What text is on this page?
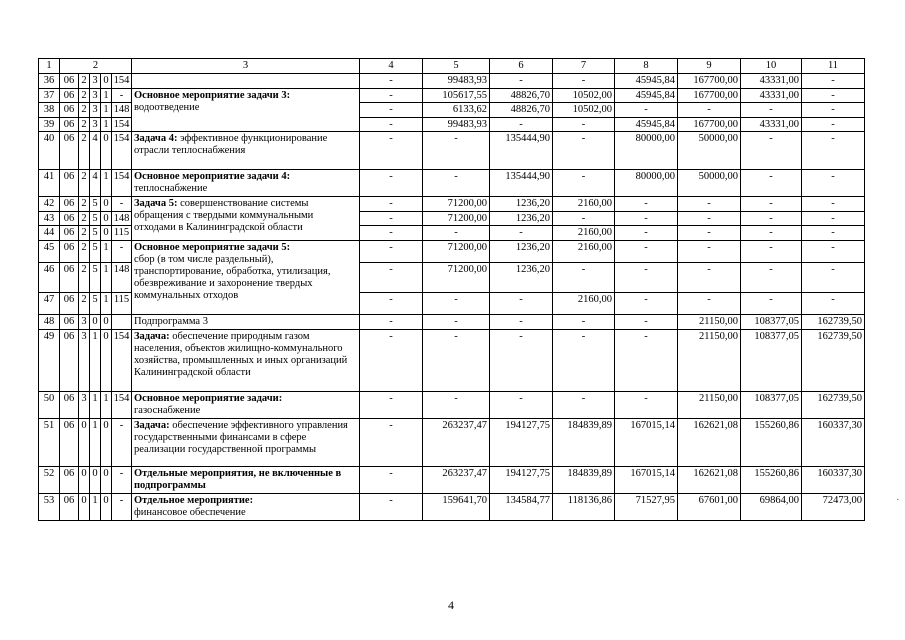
1	2					3	4	5	6	7	8	9	10	11
36	06	2	3	0	154		-	99483,93	-	-	45945,84	167700,00	43331,00	-
37	06	2	3	1	-	Основное мероприятие задачи 3:
водоотведение	-	105617,55	48826,70	10502,00	45945,84	167700,00	43331,00	-
38	06	2	3	1	148		-	6133,62	48826,70	10502,00	-	-	-	-
39	06	2	3	1	154		-	99483,93	-	-	45945,84	167700,00	43331,00	-
40	06	2	4	0	154	Задача 4: эффективное функционирование отрасли теплоснабжения	-	-	135444,90	-	80000,00	50000,00	-	-
41	06	2	4	1	154	Основное мероприятие задачи 4:
теплоснабжение	-	-	135444,90	-	80000,00	50000,00	-	-
42	06	2	5	0	-	Задача 5: совершенствование системы обращения с твердыми коммунальными отходами в Калининградской области	-	71200,00	1236,20	2160,00	-	-	-	-
43	06	2	5	0	148		-	71200,00	1236,20	-	-	-	-	-
44	06	2	5	0	115		-	-	-	2160,00	-	-	-	-
45	06	2	5	1	-	Основное мероприятие задачи 5:
сбор (в том числе раздельный), транспортирование, обработка, утилизация, обезвреживание и захоронение твердых коммунальных отходов	-	71200,00	1236,20	2160,00	-	-	-	-
46	06	2	5	1	148		-	71200,00	1236,20	-	-	-	-	-
47	06	2	5	1	115		-	-	-	2160,00	-	-	-	-
48	06	3	0	0		Подпрограмма 3	-	-	-	-	-	21150,00	108377,05	162739,50
49	06	3	1	0	154	Задача: обеспечение природным газом населения, объектов жилищно-коммунального хозяйства, промышленных и иных организаций Калининградской области	-	-	-	-	-	21150,00	108377,05	162739,50
50	06	3	1	1	154	Основное мероприятие задачи:
газоснабжение	-	-	-	-	-	21150,00	108377,05	162739,50
51	06	0	1	0	-	Задача: обеспечение эффективного управления государственными финансами в сфере реализации государственной программы	-	263237,47	194127,75	184839,89	167015,14	162621,08	155260,86	160337,30
52	06	0	0	0	-	Отдельные мероприятия, не включенные в подпрограммы	-	263237,47	194127,75	184839,89	167015,14	162621,08	155260,86	160337,30
53	06	0	1	0	-	Отдельное мероприятие:
финансовое обеспечение	-	159641,70	134584,77	118136,86	71527,95	67601,00	69864,00	72473,00
4
.
